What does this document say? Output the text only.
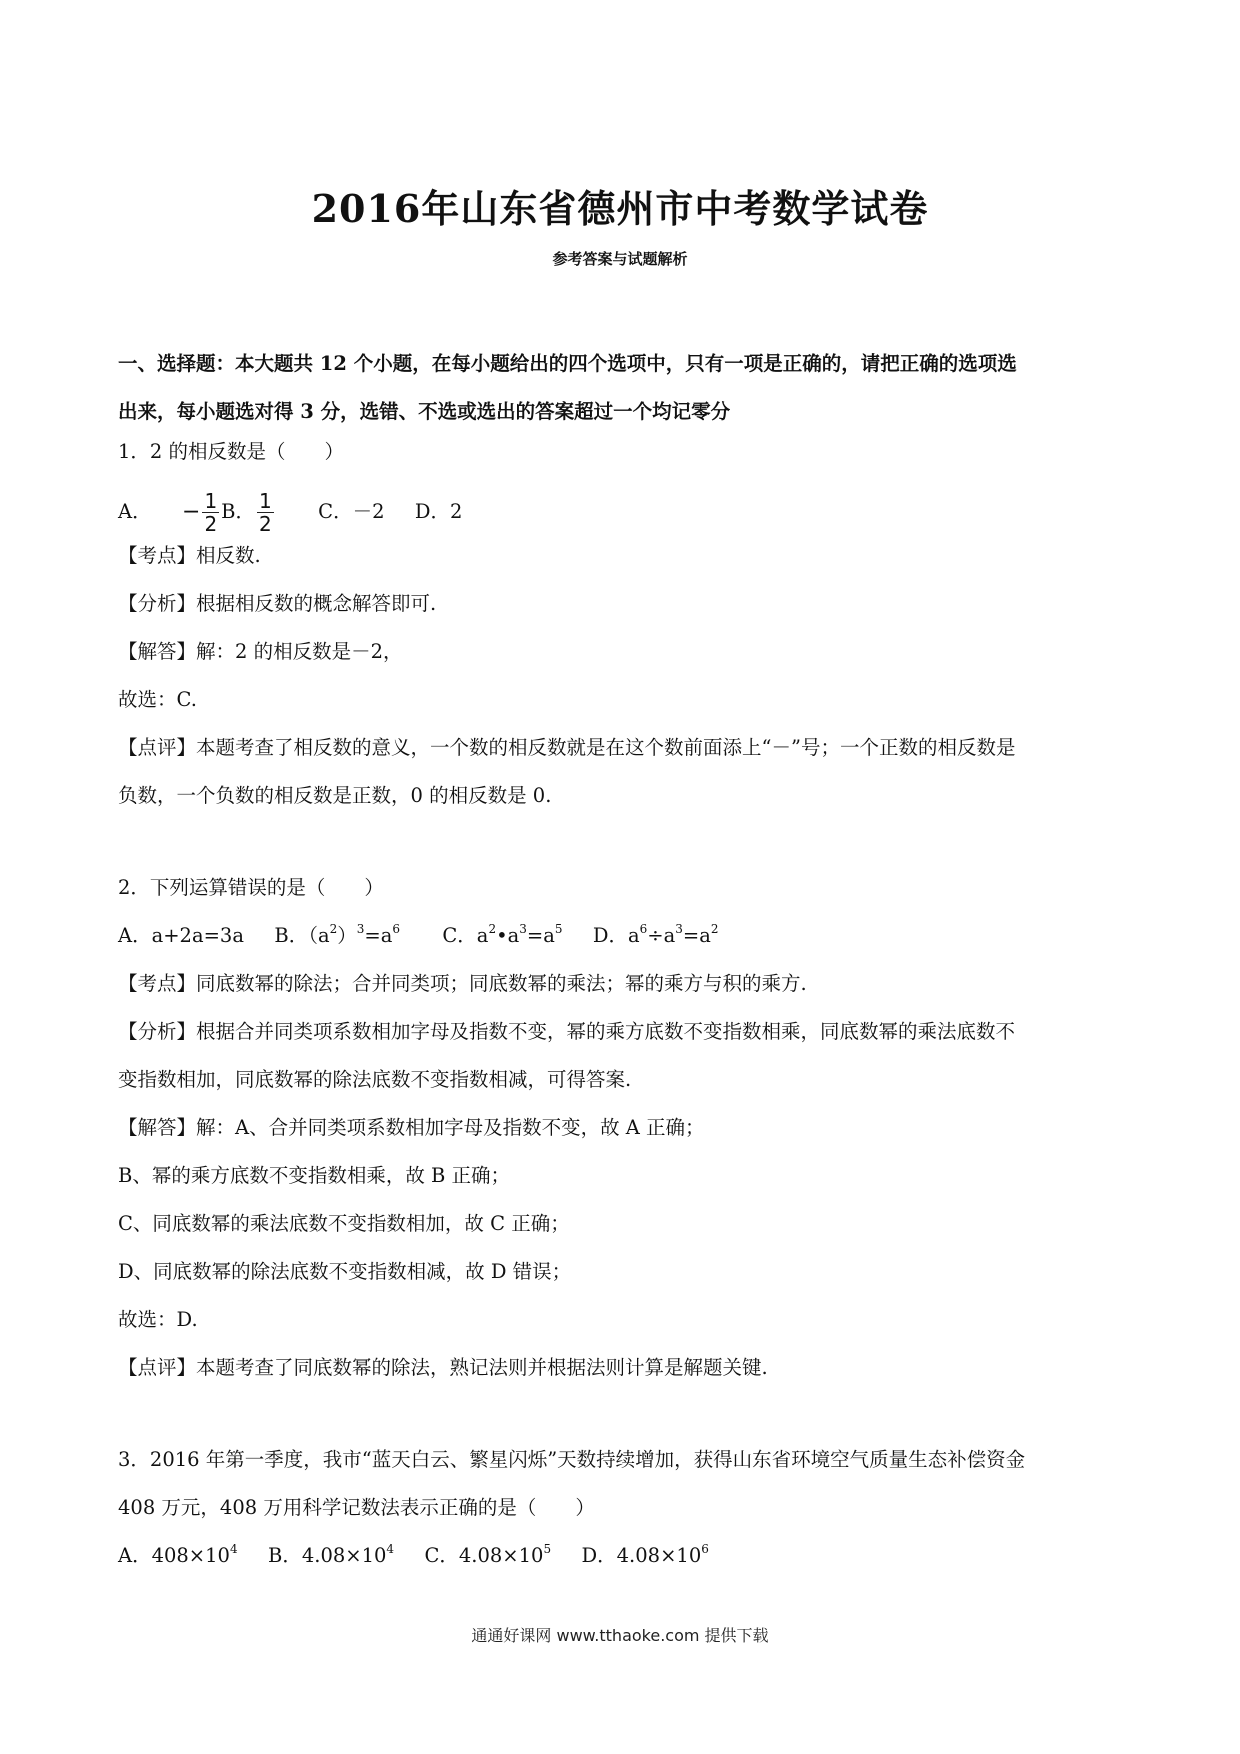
2016年山东省德州市中考数学试卷
参考答案与试题解析
一、选择题：本大题共 12 个小题，在每小题给出的四个选项中，只有一项是正确的，请把正确的选项选
出来，每小题选对得 3 分，选错、不选或选出的答案超过一个均记零分
1．2 的相反数是（　　）
A． − $\frac{1}{2}$ B． $\frac{1}{2}$ C．－2 D．2
【考点】相反数.
【分析】根据相反数的概念解答即可.
【解答】解：2 的相反数是－2，
故选：C.
【点评】本题考查了相反数的意义，一个数的相反数就是在这个数前面添上“－”号；一个正数的相反数是
负数，一个负数的相反数是正数，0 的相反数是 0.
2．下列运算错误的是（　　）
A．a+2a=3a B．$(a^2)^3=a^6$ C．$a^2•a^3=a^5$ D．$a^6\div a^3=a^2$
【考点】同底数幂的除法；合并同类项；同底数幂的乘法；幂的乘方与积的乘方.
【分析】根据合并同类项系数相加字母及指数不变，幂的乘方底数不变指数相乘，同底数幂的乘法底数不
变指数相加，同底数幂的除法底数不变指数相减，可得答案.
【解答】解：A、合并同类项系数相加字母及指数不变，故 A 正确；
B、幂的乘方底数不变指数相乘，故 B 正确；
C、同底数幂的乘法底数不变指数相加，故 C 正确；
D、同底数幂的除法底数不变指数相减，故 D 错误；
故选：D.
【点评】本题考查了同底数幂的除法，熟记法则并根据法则计算是解题关键.
3．2016 年第一季度，我市“蓝天白云、繁星闪烁”天数持续增加，获得山东省环境空气质量生态补偿资金
408 万元，408 万用科学记数法表示正确的是（　　）
A．$408\times 10^4$ B．$4.08\times 10^4$ C．$4.08\times 10^5$ D．$4.08\times 10^6$
通通好课网 www.tthaoke.com 提供下载
